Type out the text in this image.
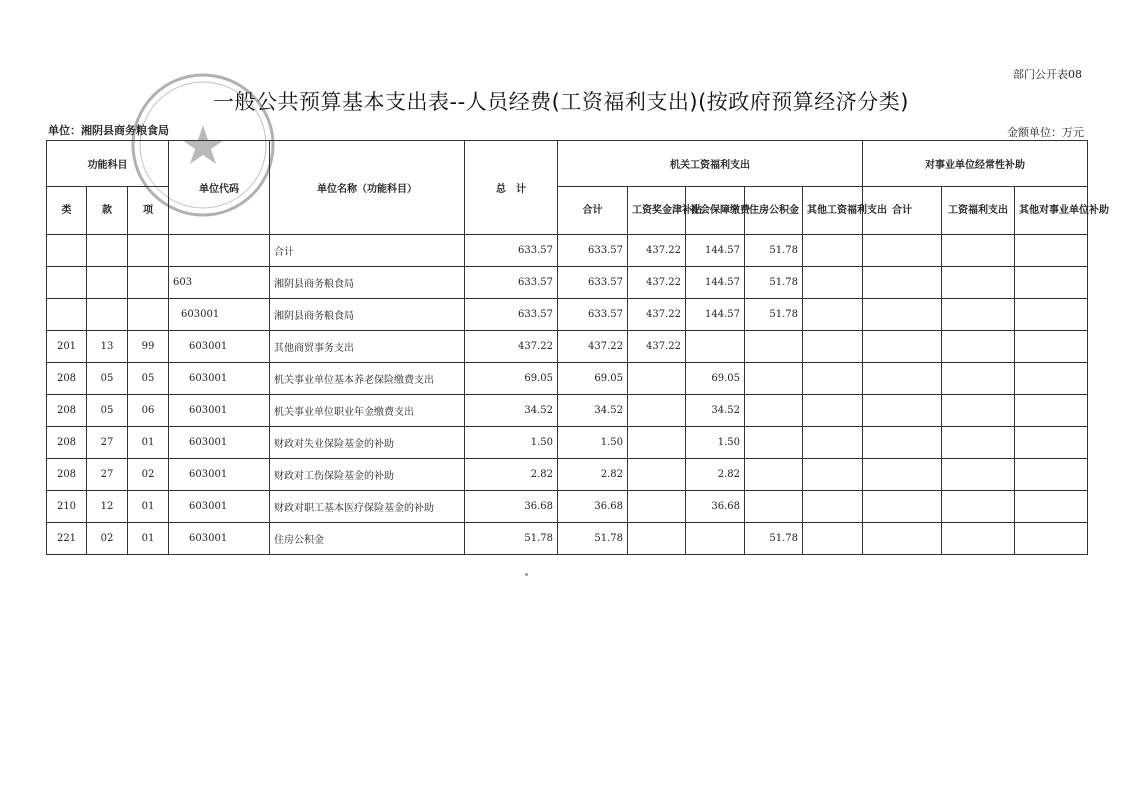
部门公开表08
一般公共预算基本支出表--人员经费(工资福利支出)(按政府预算经济分类)
单位：湘阴县商务粮食局	金额单位：万元
功能科目			单位代码	单位名称（功能科目）	总　计	机关工资福利支出					对事业单位经常性补助		
类	款	项				合计	工资奖金津补贴	社会保障缴费	住房公积金	其他工资福利支出	合计	工资福利支出	其他对事业单位补助
				合计	633.57	633.57	437.22	144.57	51.78				
			603	湘阴县商务粮食局	633.57	633.57	437.22	144.57	51.78				
			603001	湘阴县商务粮食局	633.57	633.57	437.22	144.57	51.78				
201	13	99	603001	其他商贸事务支出	437.22	437.22	437.22						
208	05	05	603001	机关事业单位基本养老保险缴费支出	69.05	69.05		69.05					
208	05	06	603001	机关事业单位职业年金缴费支出	34.52	34.52		34.52					
208	27	01	603001	财政对失业保险基金的补助	1.50	1.50		1.50					
208	27	02	603001	财政对工伤保险基金的补助	2.82	2.82		2.82					
210	12	01	603001	财政对职工基本医疗保险基金的补助	36.68	36.68		36.68					
221	02	01	603001	住房公积金	51.78	51.78			51.78				
